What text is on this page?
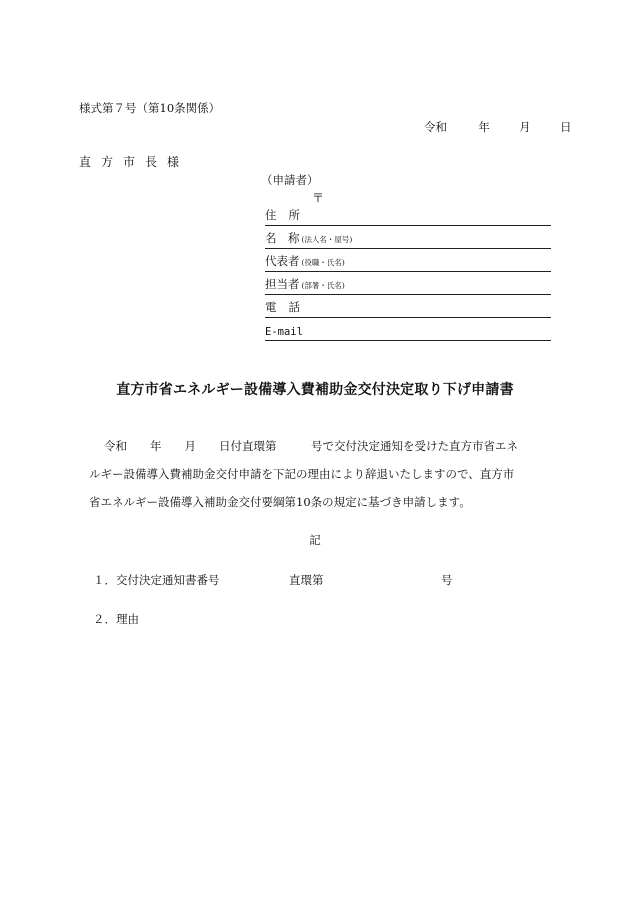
様式第７号（第10条関係）
令和	年	月	日
直方市長様
（申請者）
〒
住所
名　称 (法人名・屋号)
代表者 (役職・氏名)
担当者 (部署・氏名)
電話
E-mail
直方市省エネルギー設備導入費補助金交付決定取り下げ申請書
令和　　年　　月　　日付直環第　　　号で交付決定通知を受けた直方市省エネ
ルギー設備導入費補助金交付申請を下記の理由により辞退いたしますので、直方市
省エネルギー設備導入補助金交付要綱第10条の規定に基づき申請します。
記
１．交付決定通知書番号	直環第	号
２．理由
